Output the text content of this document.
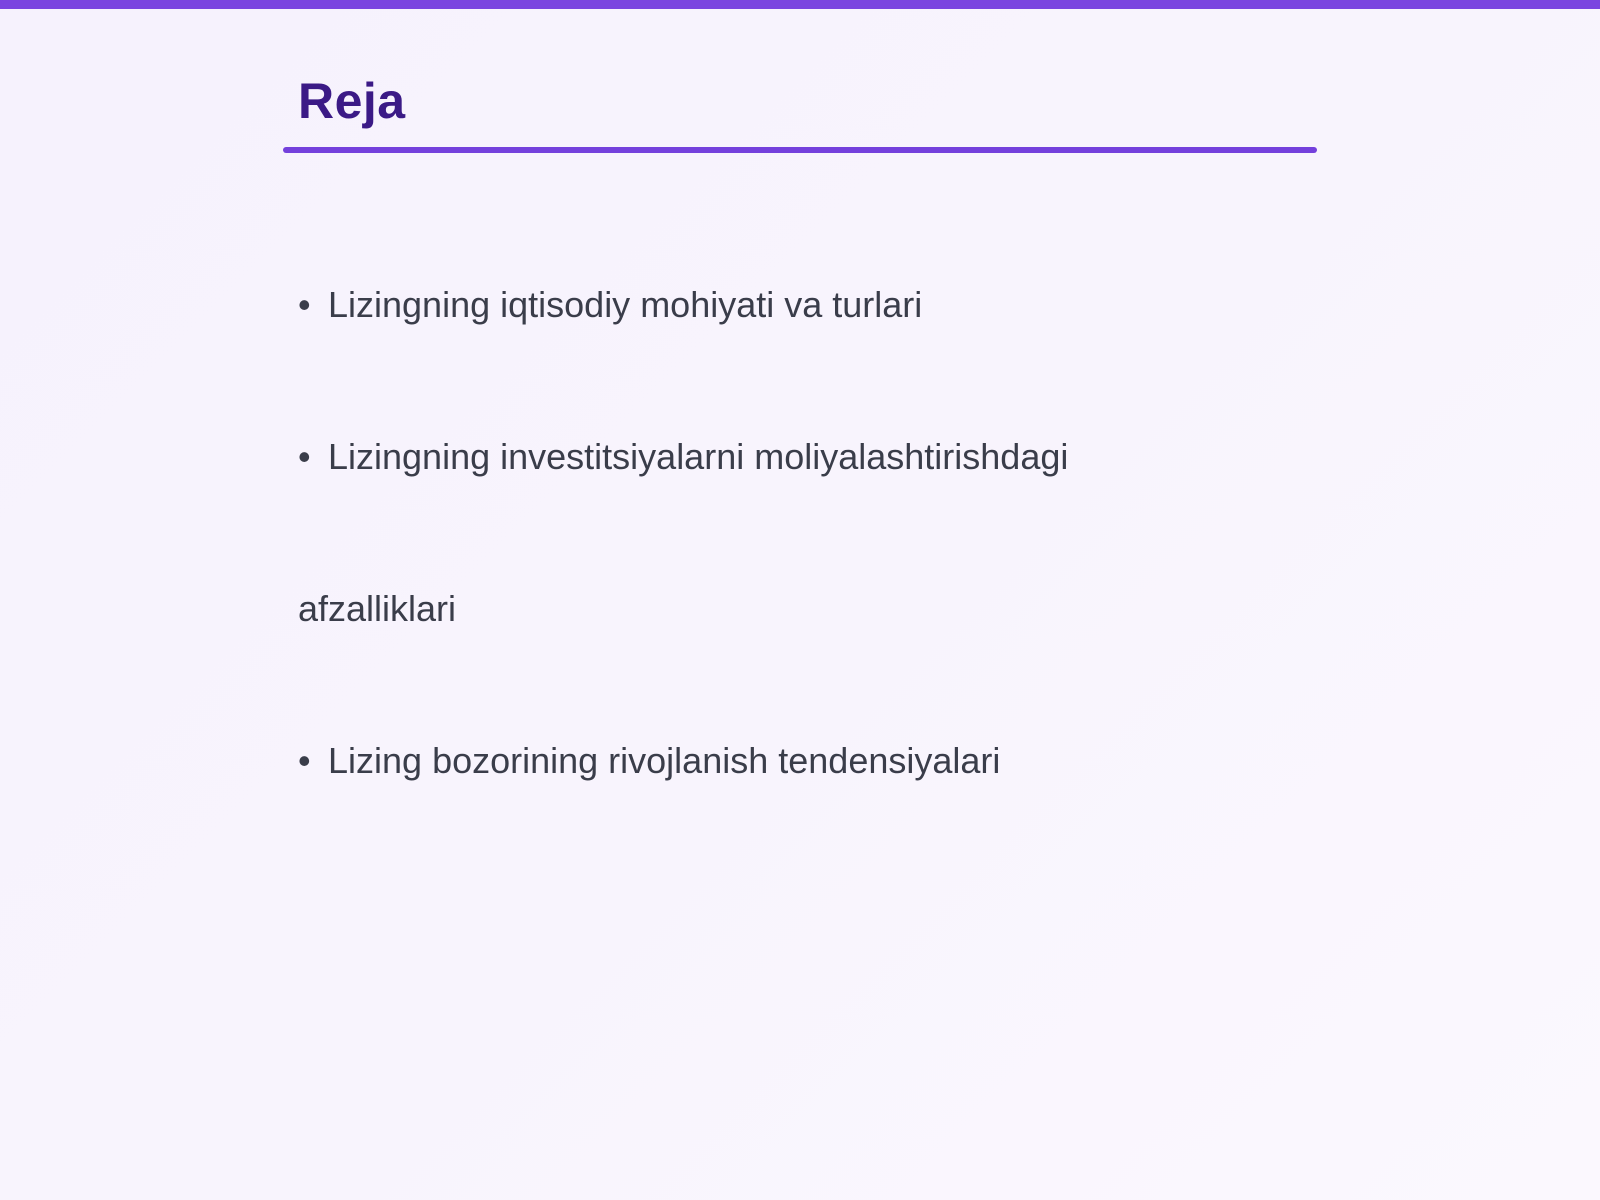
Reja
• Lizingning iqtisodiy mohiyati va turlari
• Lizingning investitsiyalarni moliyalashtirishdagi
afzalliklari
• Lizing bozorining rivojlanish tendensiyalari
